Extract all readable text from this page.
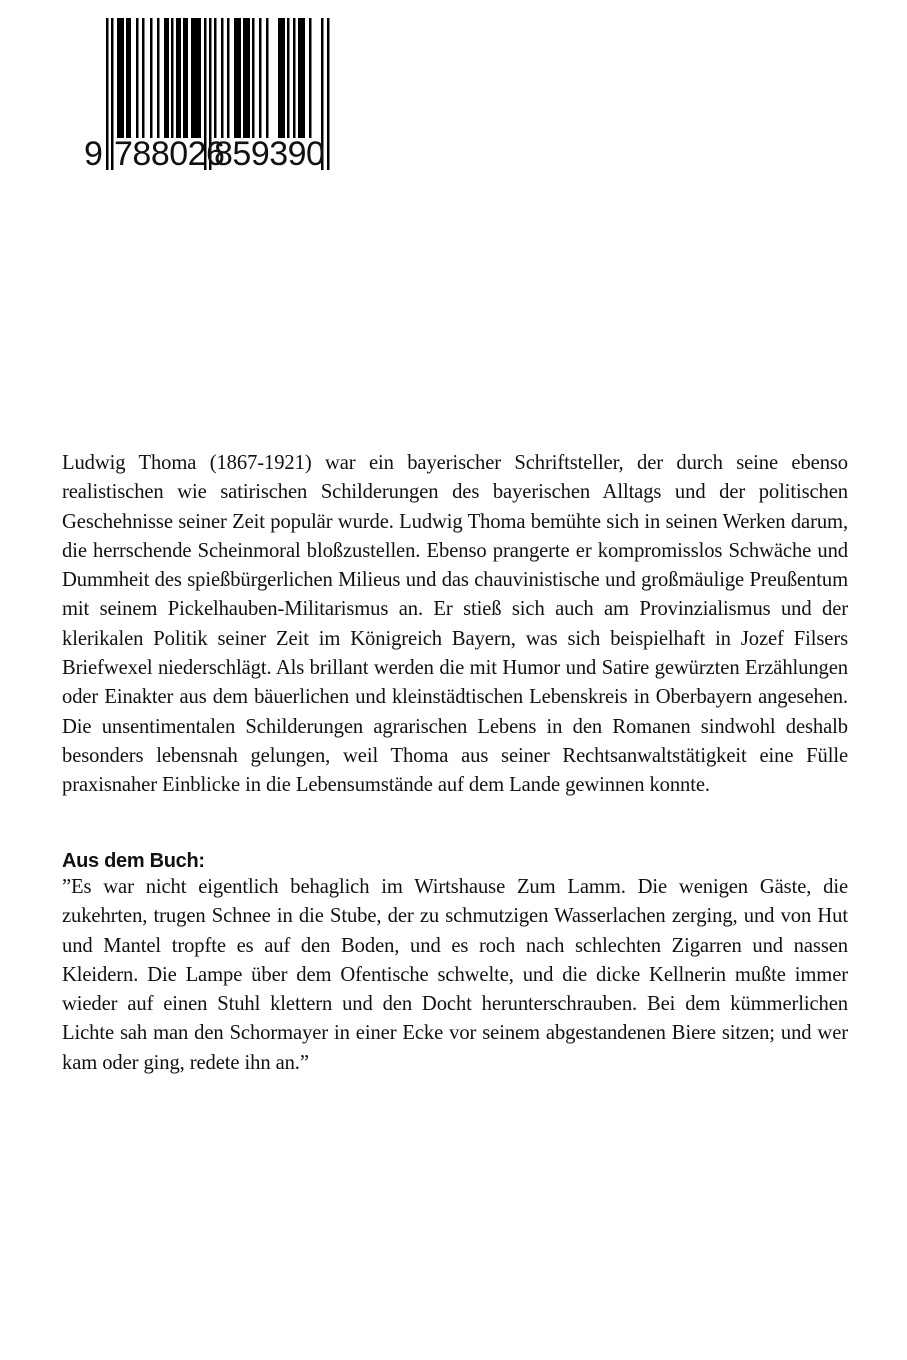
9 788026
859390

Ludwig Thoma (1867-1921) war ein bayerischer Schriftsteller, der durch seine ebenso realistischen wie satirischen Schilderungen des bayerischen Alltags und der politischen Geschehnisse seiner Zeit populär wurde. Ludwig Thoma bemühte sich in seinen Werken darum, die herrschende Scheinmoral bloßzustellen. Ebenso prangerte er kompromisslos Schwäche und Dummheit des spießbürgerlichen Milieus und das chauvinistische und großmäulige Preußentum mit seinem Pickelhauben-Militarismus an. Er stieß sich auch am Provinzialismus und der klerikalen Politik seiner Zeit im Königreich Bayern, was sich beispielhaft in Jozef Filsers Briefwexel niederschlägt. Als brillant werden die mit Humor und Satire gewürzten Erzählungen oder Einakter aus dem bäuerlichen und kleinstädtischen Lebenskreis in Oberbayern angesehen. Die unsentimentalen Schilderungen agrarischen Lebens in den Romanen sindwohl deshalb besonders lebensnah gelungen, weil Thoma aus seiner Rechtsanwaltstätigkeit eine Fülle praxisnaher Einblicke in die Lebensumstände auf dem Lande gewinnen konnte.

Aus dem Buch:

”Es war nicht eigentlich behaglich im Wirtshause Zum Lamm. Die wenigen Gäste, die zukehrten, trugen Schnee in die Stube, der zu schmutzigen Wasserlachen zerging, und von Hut und Mantel tropfte es auf den Boden, und es roch nach schlechten Zigarren und nassen Kleidern. Die Lampe über dem Ofentische schwelte, und die dicke Kellnerin mußte immer wieder auf einen Stuhl klettern und den Docht herunterschrauben. Bei dem kümmerlichen Lichte sah man den Schormayer in einer Ecke vor seinem abgestandenen Biere sitzen; und wer kam oder ging, redete ihn an.”
